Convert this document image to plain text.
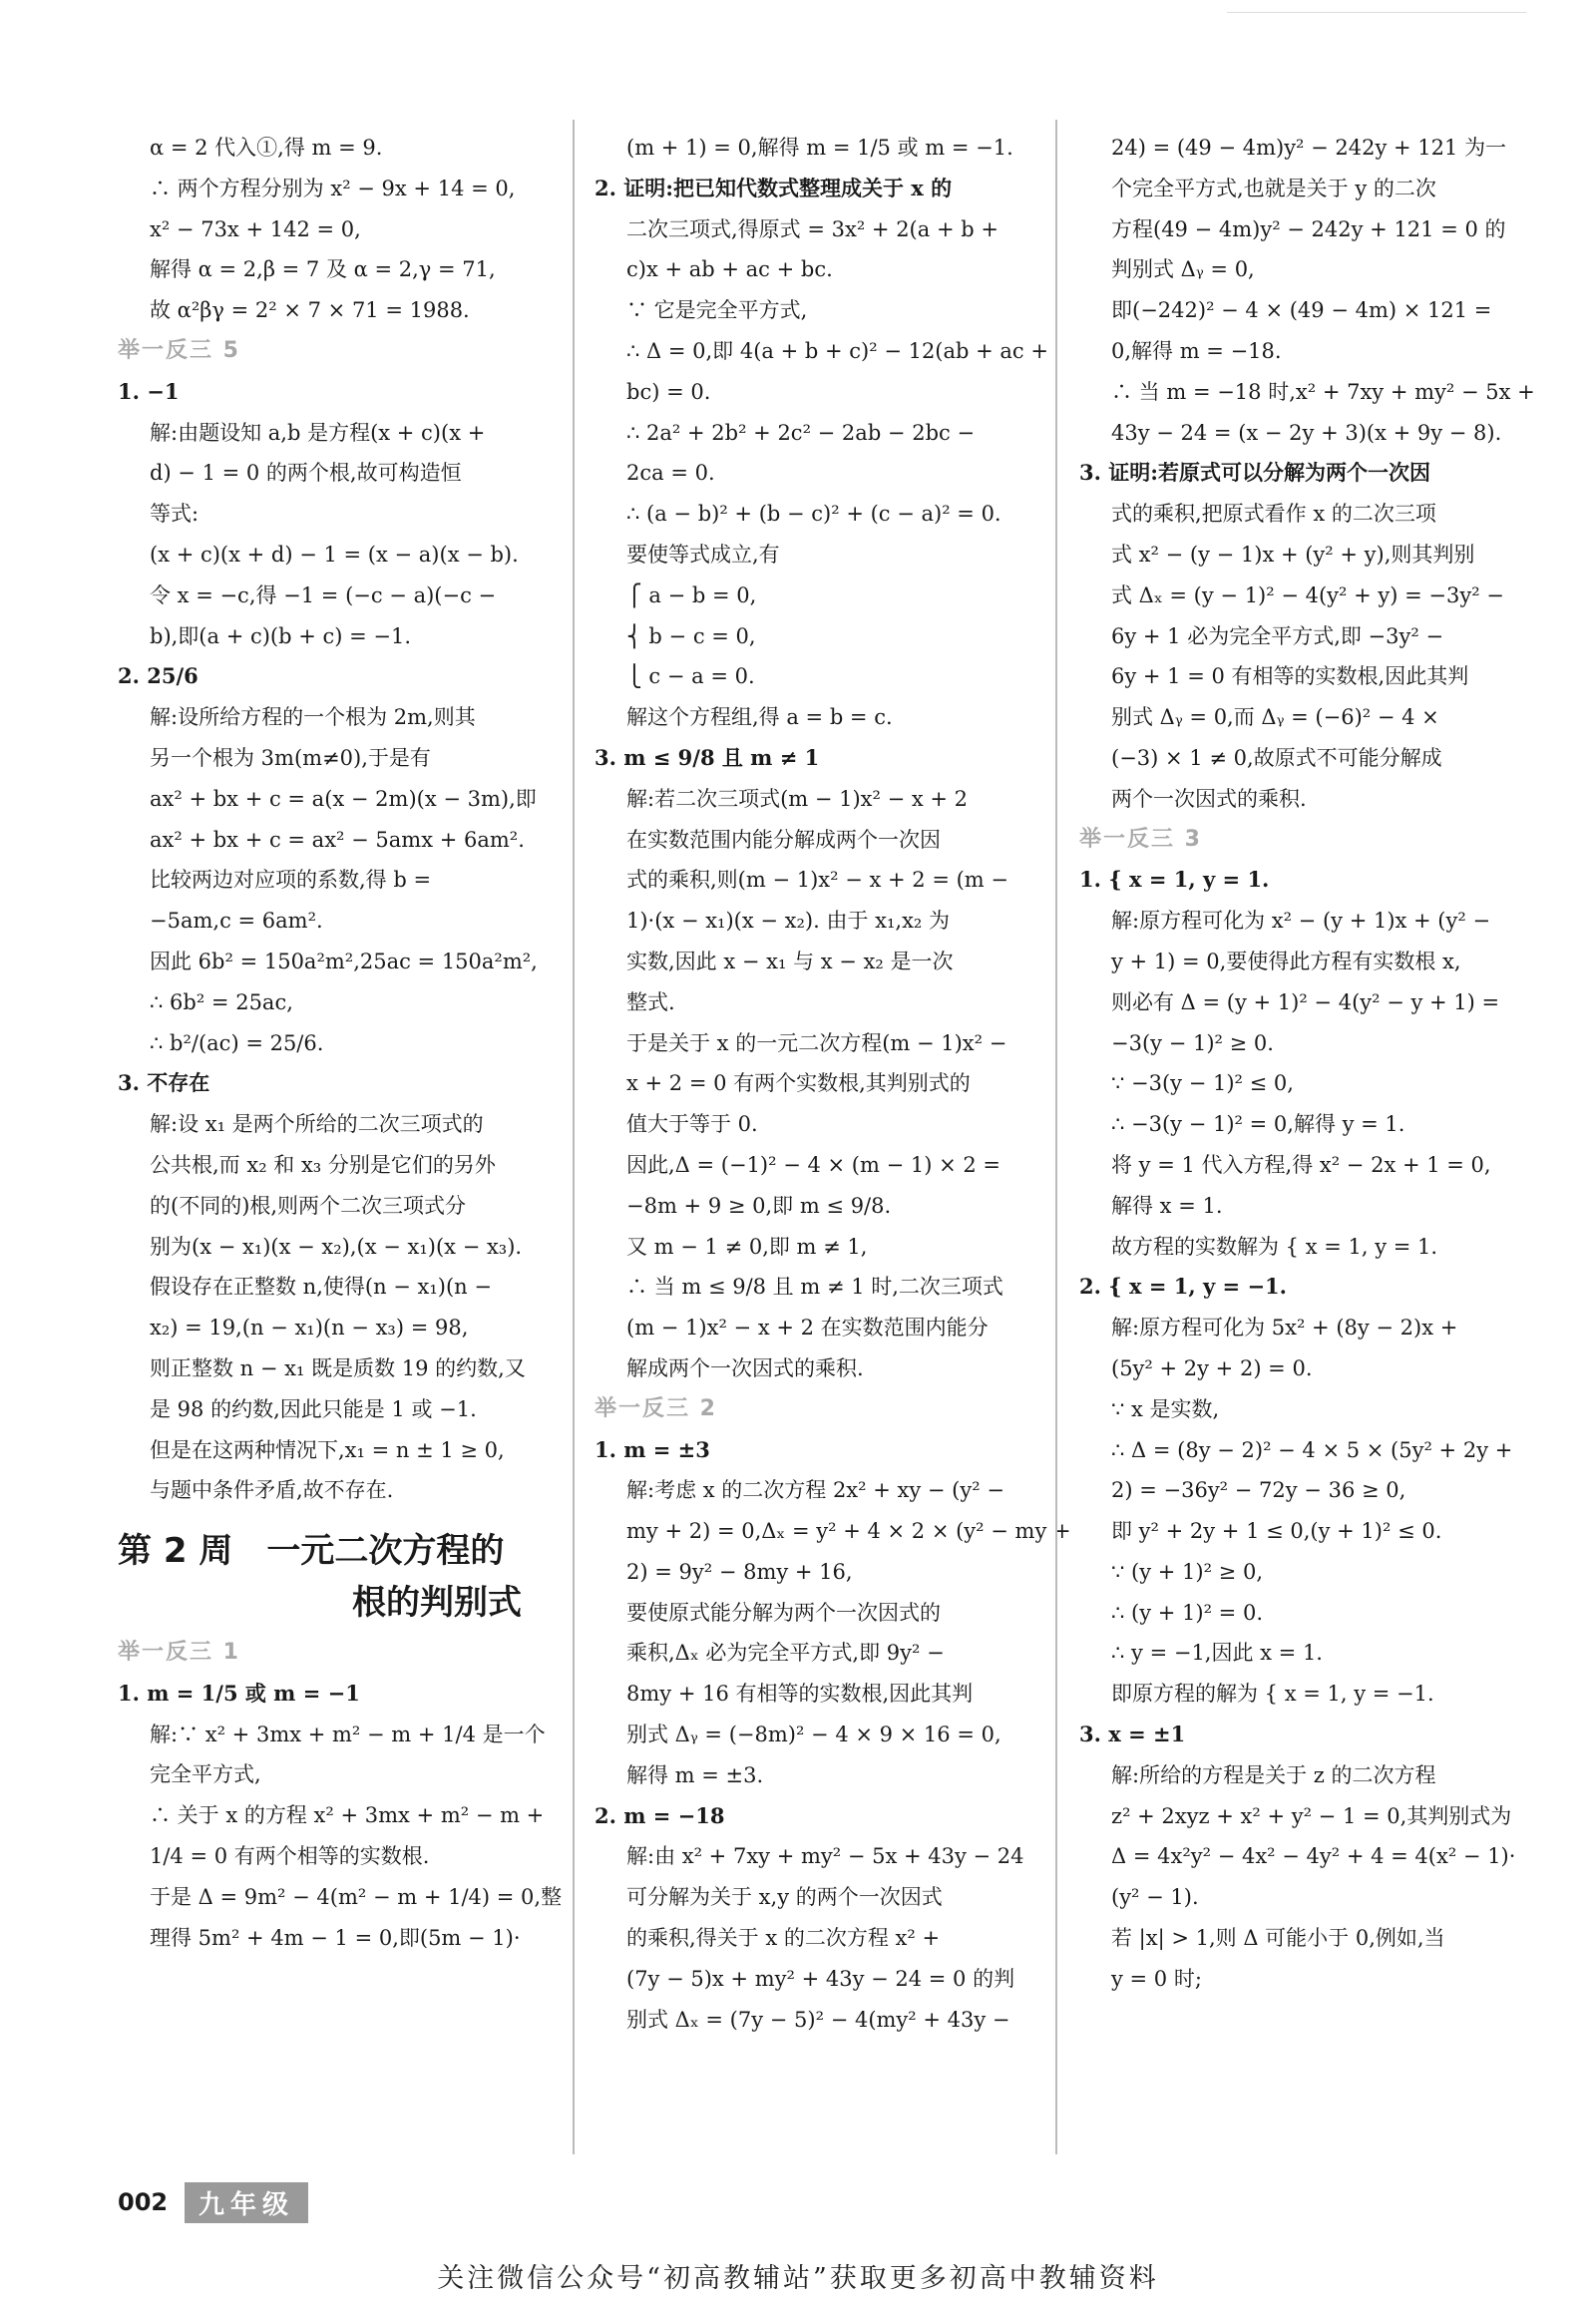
α = 2 代入①,得 m = 9.
∴ 两个方程分别为 x² − 9x + 14 = 0,
x² − 73x + 142 = 0,
解得 α = 2,β = 7 及 α = 2,γ = 71,
故 α²βγ = 2² × 7 × 71 = 1988.
举一反三 5
1. −1
解:由题设知 a,b 是方程(x + c)(x +
d) − 1 = 0 的两个根,故可构造恒
等式:
(x + c)(x + d) − 1 = (x − a)(x − b).
令 x = −c,得 −1 = (−c − a)(−c −
b),即(a + c)(b + c) = −1.
2. 25/6
解:设所给方程的一个根为 2m,则其
另一个根为 3m(m≠0),于是有
ax² + bx + c = a(x − 2m)(x − 3m),即
ax² + bx + c = ax² − 5amx + 6am².
比较两边对应项的系数,得 b =
−5am,c = 6am².
因此 6b² = 150a²m²,25ac = 150a²m²,
∴ 6b² = 25ac,
∴ b²/(ac) = 25/6.
3. 不存在
解:设 x₁ 是两个所给的二次三项式的
公共根,而 x₂ 和 x₃ 分别是它们的另外
的(不同的)根,则两个二次三项式分
别为(x − x₁)(x − x₂),(x − x₁)(x − x₃).
假设存在正整数 n,使得(n − x₁)(n −
x₂) = 19,(n − x₁)(n − x₃) = 98,
则正整数 n − x₁ 既是质数 19 的约数,又
是 98 的约数,因此只能是 1 或 −1.
但是在这两种情况下,x₁ = n ± 1 ≥ 0,
与题中条件矛盾,故不存在.
第 2 周　一元二次方程的
根的判别式
举一反三 1
1. m = 1/5 或 m = −1
解:∵ x² + 3mx + m² − m + 1/4 是一个
完全平方式,
∴ 关于 x 的方程 x² + 3mx + m² − m +
1/4 = 0 有两个相等的实数根.
于是 Δ = 9m² − 4(m² − m + 1/4) = 0,整
理得 5m² + 4m − 1 = 0,即(5m − 1)·
(m + 1) = 0,解得 m = 1/5 或 m = −1.
2. 证明:把已知代数式整理成关于 x 的
二次三项式,得原式 = 3x² + 2(a + b +
c)x + ab + ac + bc.
∵ 它是完全平方式,
∴ Δ = 0,即 4(a + b + c)² − 12(ab + ac +
bc) = 0.
∴ 2a² + 2b² + 2c² − 2ab − 2bc −
2ca = 0.
∴ (a − b)² + (b − c)² + (c − a)² = 0.
要使等式成立,有
⎧ a − b = 0,
⎨ b − c = 0,
⎩ c − a = 0.
解这个方程组,得 a = b = c.
3. m ≤ 9/8 且 m ≠ 1
解:若二次三项式(m − 1)x² − x + 2
在实数范围内能分解成两个一次因
式的乘积,则(m − 1)x² − x + 2 = (m −
1)·(x − x₁)(x − x₂). 由于 x₁,x₂ 为
实数,因此 x − x₁ 与 x − x₂ 是一次
整式.
于是关于 x 的一元二次方程(m − 1)x² −
x + 2 = 0 有两个实数根,其判别式的
值大于等于 0.
因此,Δ = (−1)² − 4 × (m − 1) × 2 =
−8m + 9 ≥ 0,即 m ≤ 9/8.
又 m − 1 ≠ 0,即 m ≠ 1,
∴ 当 m ≤ 9/8 且 m ≠ 1 时,二次三项式
(m − 1)x² − x + 2 在实数范围内能分
解成两个一次因式的乘积.
举一反三 2
1. m = ±3
解:考虑 x 的二次方程 2x² + xy − (y² −
my + 2) = 0,Δₓ = y² + 4 × 2 × (y² − my +
2) = 9y² − 8my + 16,
要使原式能分解为两个一次因式的
乘积,Δₓ 必为完全平方式,即 9y² −
8my + 16 有相等的实数根,因此其判
别式 Δᵧ = (−8m)² − 4 × 9 × 16 = 0,
解得 m = ±3.
2. m = −18
解:由 x² + 7xy + my² − 5x + 43y − 24
可分解为关于 x,y 的两个一次因式
的乘积,得关于 x 的二次方程 x² +
(7y − 5)x + my² + 43y − 24 = 0 的判
别式 Δₓ = (7y − 5)² − 4(my² + 43y −
24) = (49 − 4m)y² − 242y + 121 为一
个完全平方式,也就是关于 y 的二次
方程(49 − 4m)y² − 242y + 121 = 0 的
判别式 Δᵧ = 0,
即(−242)² − 4 × (49 − 4m) × 121 =
0,解得 m = −18.
∴ 当 m = −18 时,x² + 7xy + my² − 5x +
43y − 24 = (x − 2y + 3)(x + 9y − 8).
3. 证明:若原式可以分解为两个一次因
式的乘积,把原式看作 x 的二次三项
式 x² − (y − 1)x + (y² + y),则其判别
式 Δₓ = (y − 1)² − 4(y² + y) = −3y² −
6y + 1 必为完全平方式,即 −3y² −
6y + 1 = 0 有相等的实数根,因此其判
别式 Δᵧ = 0,而 Δᵧ = (−6)² − 4 ×
(−3) × 1 ≠ 0,故原式不可能分解成
两个一次因式的乘积.
举一反三 3
1. { x = 1, y = 1.
解:原方程可化为 x² − (y + 1)x + (y² −
y + 1) = 0,要使得此方程有实数根 x,
则必有 Δ = (y + 1)² − 4(y² − y + 1) =
−3(y − 1)² ≥ 0.
∵ −3(y − 1)² ≤ 0,
∴ −3(y − 1)² = 0,解得 y = 1.
将 y = 1 代入方程,得 x² − 2x + 1 = 0,
解得 x = 1.
故方程的实数解为 { x = 1, y = 1.
2. { x = 1, y = −1.
解:原方程可化为 5x² + (8y − 2)x +
(5y² + 2y + 2) = 0.
∵ x 是实数,
∴ Δ = (8y − 2)² − 4 × 5 × (5y² + 2y +
2) = −36y² − 72y − 36 ≥ 0,
即 y² + 2y + 1 ≤ 0,(y + 1)² ≤ 0.
∵ (y + 1)² ≥ 0,
∴ (y + 1)² = 0.
∴ y = −1,因此 x = 1.
即原方程的解为 { x = 1, y = −1.
3. x = ±1
解:所给的方程是关于 z 的二次方程
z² + 2xyz + x² + y² − 1 = 0,其判别式为
Δ = 4x²y² − 4x² − 4y² + 4 = 4(x² − 1)·
(y² − 1).
若 |x| > 1,则 Δ 可能小于 0,例如,当
y = 0 时;
002	九年级
关注微信公众号“初高教辅站”获取更多初高中教辅资料
